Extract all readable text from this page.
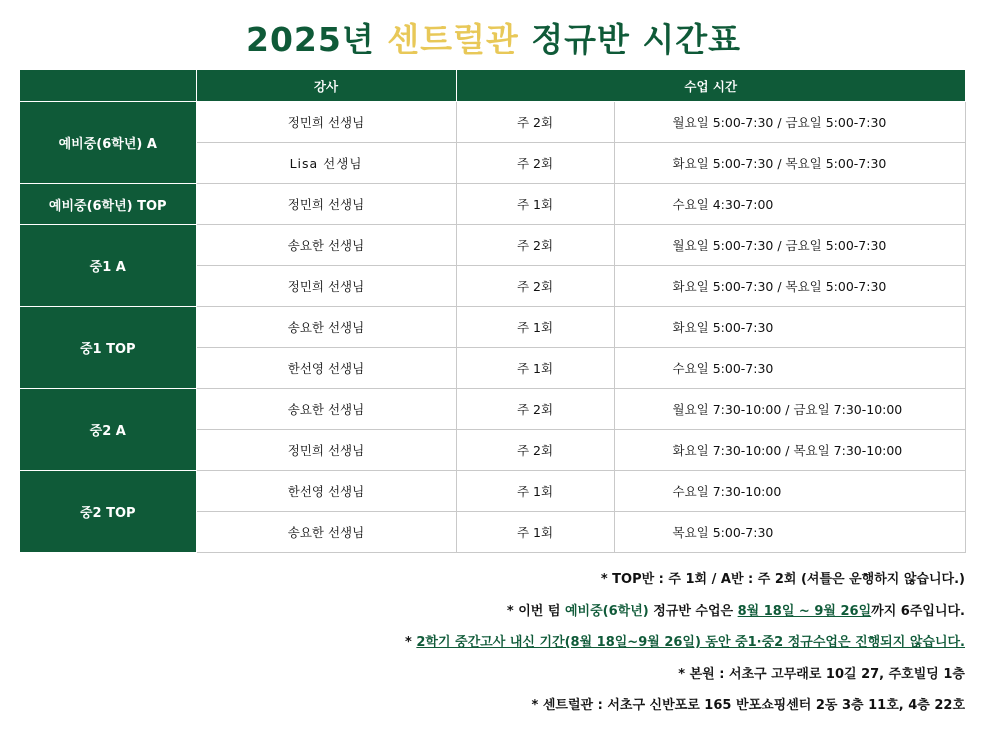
2025년 센트럴관 정규반 시간표
	강사	수업 시간	
예비중(6학년) A	정민희 선생님	주 2회	월요일 5:00-7:30 / 금요일 5:00-7:30
	Lisa 선생님	주 2회	화요일 5:00-7:30 / 목요일 5:00-7:30
예비중(6학년) TOP	정민희 선생님	주 1회	수요일 4:30-7:00
중1 A	송요한 선생님	주 2회	월요일 5:00-7:30 / 금요일 5:00-7:30
	정민희 선생님	주 2회	화요일 5:00-7:30 / 목요일 5:00-7:30
중1 TOP	송요한 선생님	주 1회	화요일 5:00-7:30
	한선영 선생님	주 1회	수요일 5:00-7:30
중2 A	송요한 선생님	주 2회	월요일 7:30-10:00 / 금요일 7:30-10:00
	정민희 선생님	주 2회	화요일 7:30-10:00 / 목요일 7:30-10:00
중2 TOP	한선영 선생님	주 1회	수요일 7:30-10:00
	송요한 선생님	주 1회	목요일 5:00-7:30
* TOP반 : 주 1회 / A반 : 주 2회 (셔틀은 운행하지 않습니다.)
* 이번 텀 예비중(6학년) 정규반 수업은 8월 18일 ~ 9월 26일까지 6주입니다.
* 2학기 중간고사 내신 기간(8월 18일~9월 26일) 동안 중1·중2 정규수업은 진행되지 않습니다.
* 본원 : 서초구 고무래로 10길 27, 주호빌딩 1층
* 센트럴관 : 서초구 신반포로 165 반포쇼핑센터 2동 3층 11호, 4층 22호
